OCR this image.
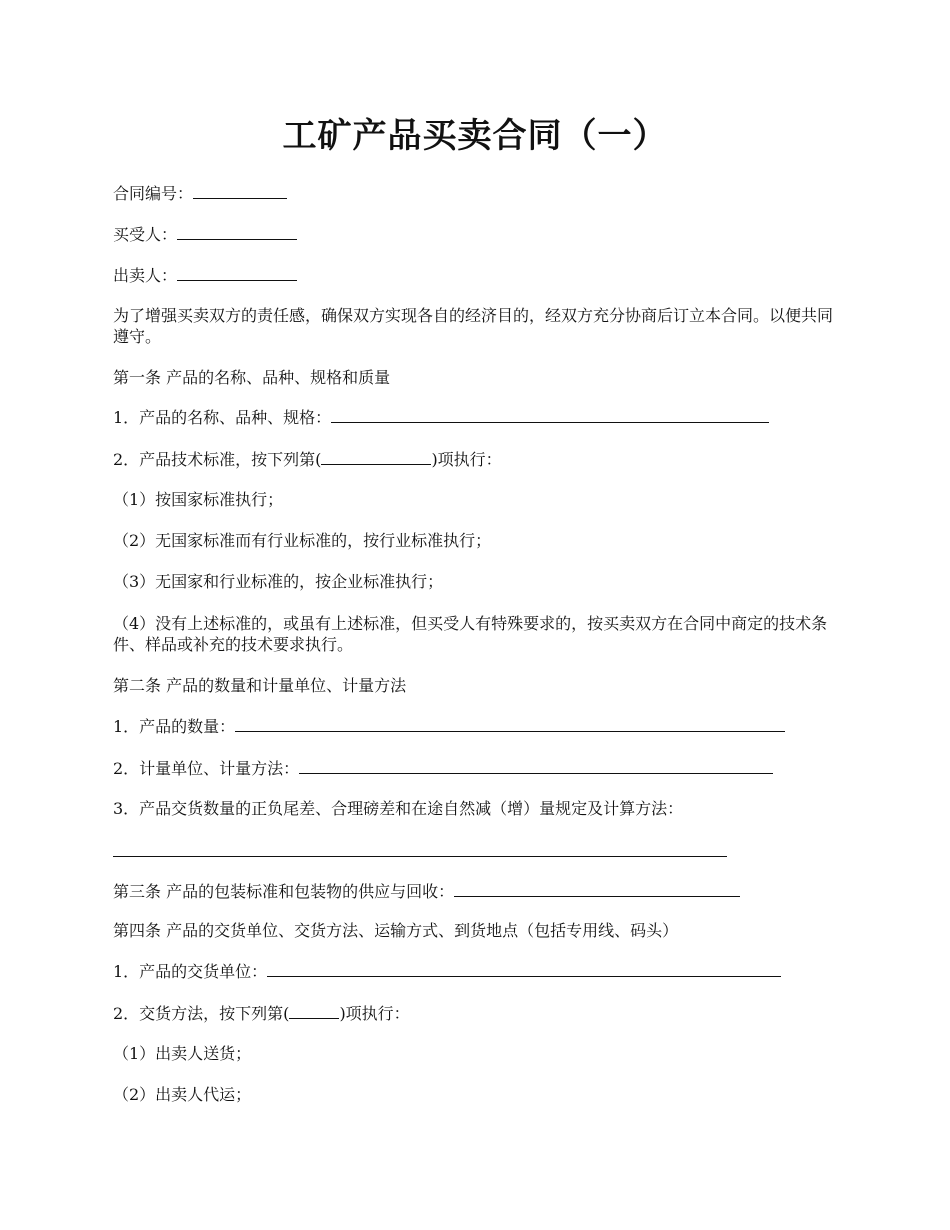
工矿产品买卖合同（一）
合同编号：
买受人：
出卖人：
为了增强买卖双方的责任感，确保双方实现各自的经济目的，经双方充分协商后订立本合同。以便共同遵守。
第一条 产品的名称、品种、规格和质量
1．产品的名称、品种、规格：
2．产品技术标准，按下列第(	)项执行：
（1）按国家标准执行；
（2）无国家标准而有行业标准的，按行业标准执行；
（3）无国家和行业标准的，按企业标准执行；
（4）没有上述标准的，或虽有上述标准，但买受人有特殊要求的，按买卖双方在合同中商定的技术条件、样品或补充的技术要求执行。
第二条 产品的数量和计量单位、计量方法
1．产品的数量：
2．计量单位、计量方法：
3．产品交货数量的正负尾差、合理磅差和在途自然减（增）量规定及计算方法：
第三条 产品的包装标准和包装物的供应与回收：
第四条 产品的交货单位、交货方法、运输方式、到货地点（包括专用线、码头）
1．产品的交货单位：
2．交货方法，按下列第(	)项执行：
（1）出卖人送货；
（2）出卖人代运；
